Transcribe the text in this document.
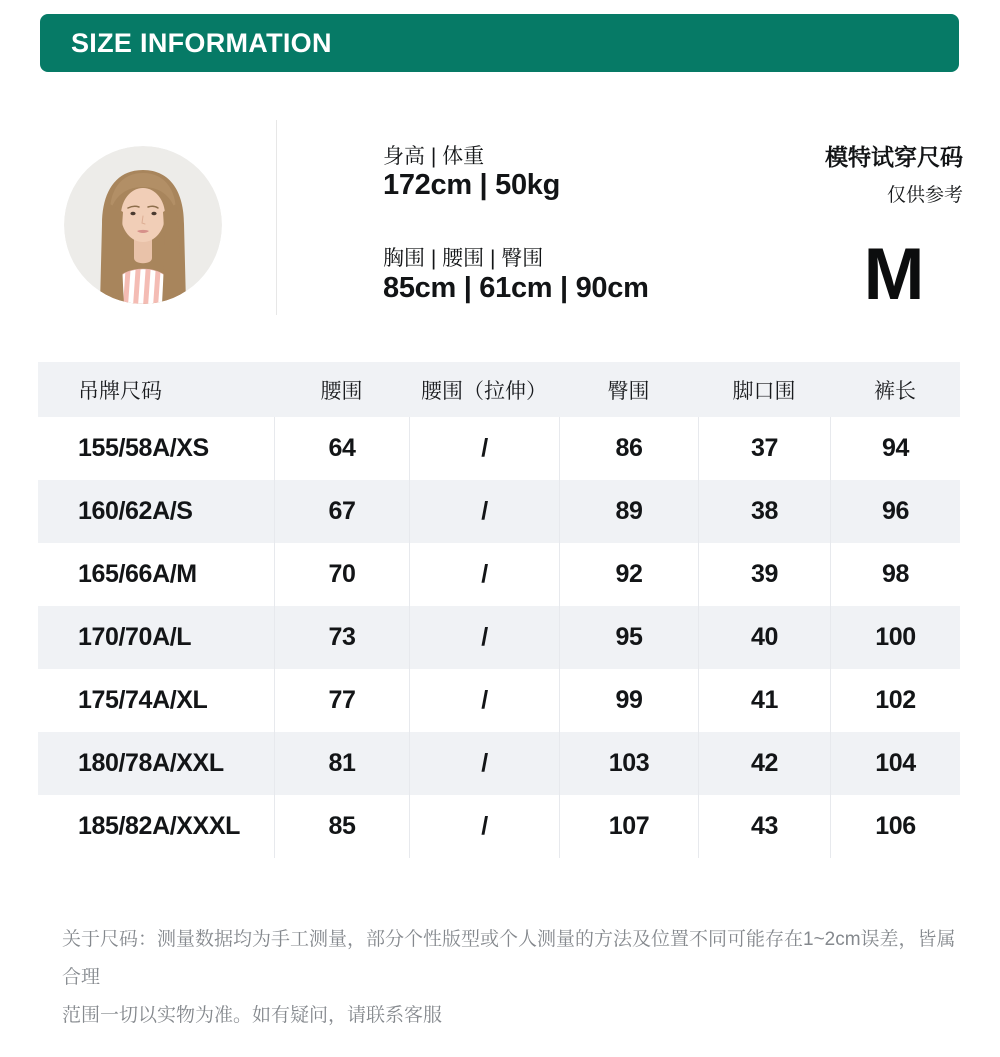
SIZE INFORMATION
身高 | 体重
172cm | 50kg
胸围 | 腰围 | 臀围
85cm | 61cm | 90cm
模特试穿尺码
仅供参考
M
吊牌尺码	腰围	腰围（拉伸）	臀围	脚口围	裤长
155/58A/XS	64	/	86	37	94
160/62A/S	67	/	89	38	96
165/66A/M	70	/	92	39	98
170/70A/L	73	/	95	40	100
175/74A/XL	77	/	99	41	102
180/78A/XXL	81	/	103	42	104
185/82A/XXXL	85	/	107	43	106
关于尺码：测量数据均为手工测量，部分个性版型或个人测量的方法及位置不同可能存在1~2cm误差，皆属合理
范围一切以实物为准。如有疑问，请联系客服
